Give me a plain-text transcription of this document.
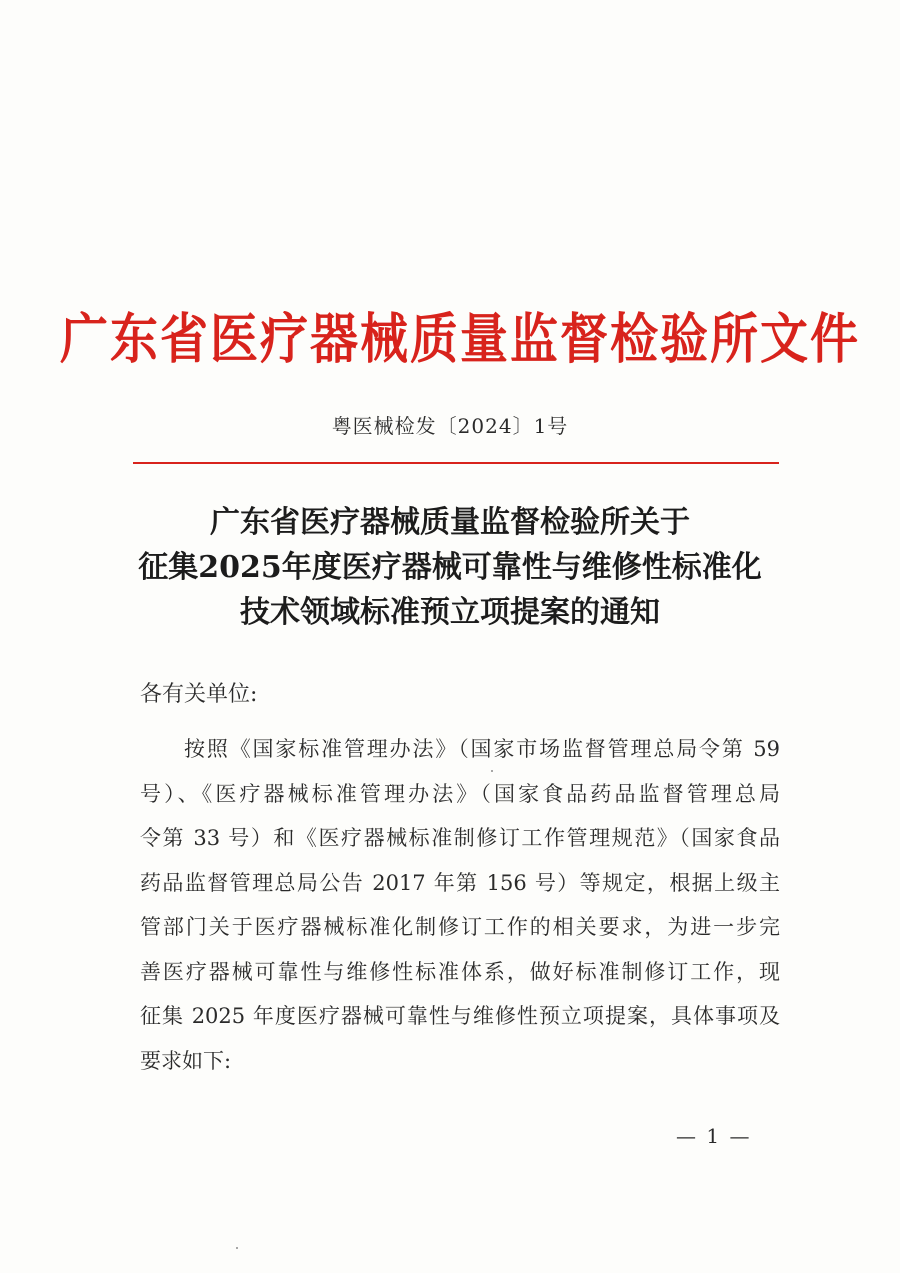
广东省医疗器械质量监督检验所文件
粤医械检发〔2024〕1号
广东省医疗器械质量监督检验所关于
征集2025年度医疗器械可靠性与维修性标准化
技术领域标准预立项提案的通知
各有关单位:
按照《国家标准管理办法》（国家市场监督管理总局令第 59
号）、《医疗器械标准管理办法》（国家食品药品监督管理总局
令第 33 号）和《医疗器械标准制修订工作管理规范》（国家食品
药品监督管理总局公告 2017 年第 156 号）等规定，根据上级主
管部门关于医疗器械标准化制修订工作的相关要求，为进一步完
善医疗器械可靠性与维修性标准体系，做好标准制修订工作，现
征集 2025 年度医疗器械可靠性与维修性预立项提案，具体事项及
要求如下:
— 1 —
